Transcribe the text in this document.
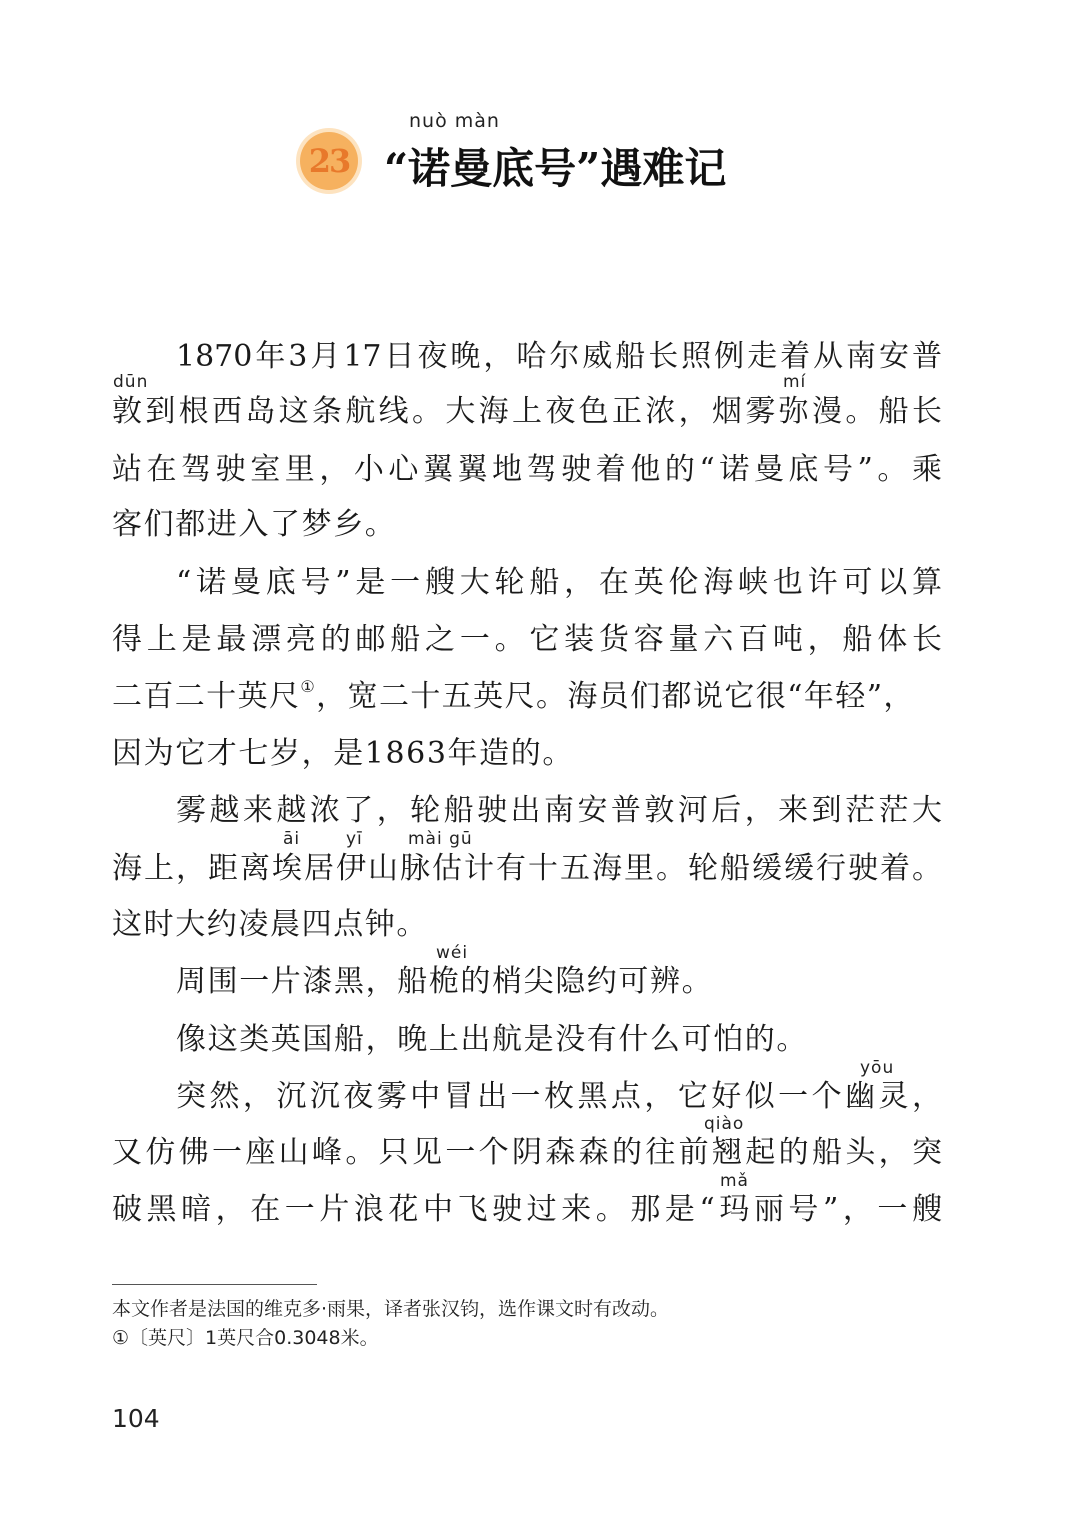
23
nuò màn
“诺曼底号”遇难记
1870年3月17日夜晚，哈尔威船长照例走着从南安普
dūn	mí
敦到根西岛这条航线。大海上夜色正浓，烟雾弥漫。船长
站在驾驶室里，小心翼翼地驾驶着他的“诺曼底号”。乘
客们都进入了梦乡。
“诺曼底号”是一艘大轮船，在英伦海峡也许可以算
得上是最漂亮的邮船之一。它装货容量六百吨，船体长
二百二十英尺①，宽二十五英尺。海员们都说它很“年轻”，
因为它才七岁，是1863年造的。
雾越来越浓了，轮船驶出南安普敦河后，来到茫茫大
āi	yī	mài gū
海上，距离埃居伊山脉估计有十五海里。轮船缓缓行驶着。
这时大约凌晨四点钟。
wéi
周围一片漆黑，船桅的梢尖隐约可辨。
像这类英国船，晚上出航是没有什么可怕的。
yōu
突然，沉沉夜雾中冒出一枚黑点，它好似一个幽灵，
qiào
又仿佛一座山峰。只见一个阴森森的往前翘起的船头，突
mǎ
破黑暗，在一片浪花中飞驶过来。那是“玛丽号”，一艘
本文作者是法国的维克多·雨果，译者张汉钧，选作课文时有改动。
①〔英尺〕1英尺合0.3048米。
104
